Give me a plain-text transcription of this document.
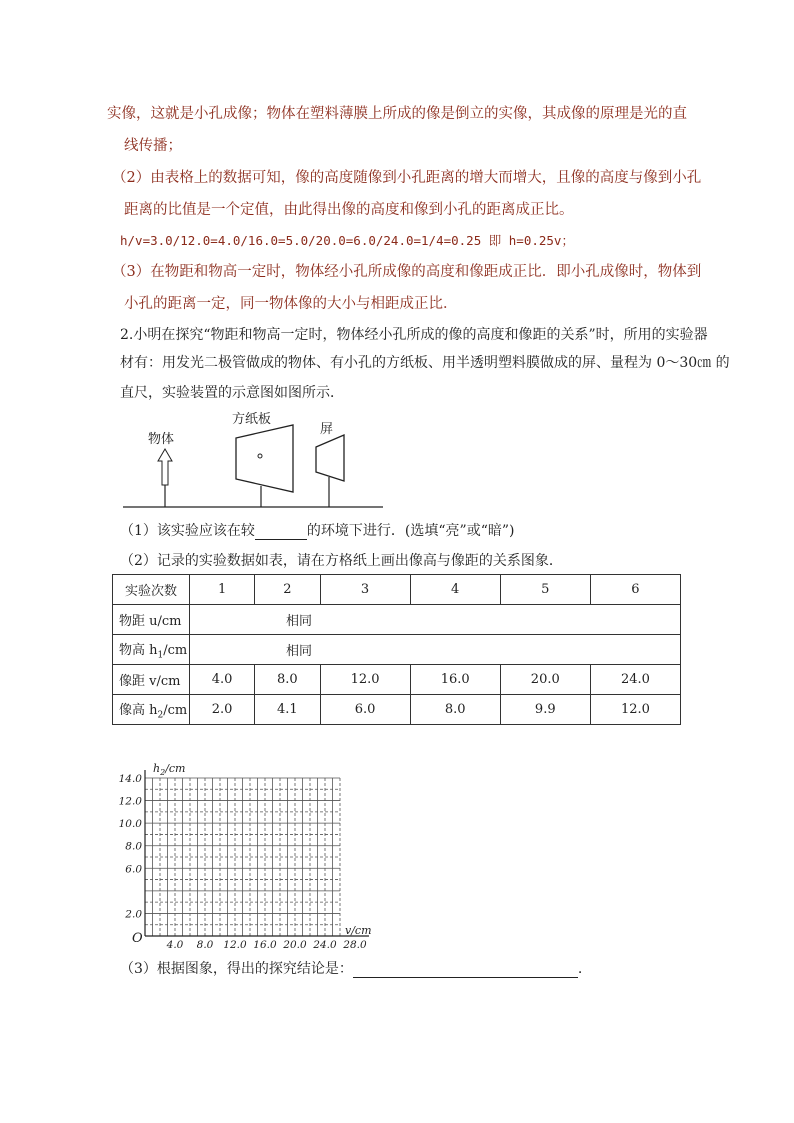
实像，这就是小孔成像；物体在塑料薄膜上所成的像是倒立的实像，其成像的原理是光的直
线传播；
（2）由表格上的数据可知，像的高度随像到小孔距离的增大而增大，且像的高度与像到小孔
距离的比值是一个定值，由此得出像的高度和像到小孔的距离成正比。
h/v=3.0/12.0=4.0/16.0=5.0/20.0=6.0/24.0=1/4=0.25 即 h=0.25v；
（3）在物距和物高一定时，物体经小孔所成像的高度和像距成正比．即小孔成像时，物体到
小孔的距离一定，同一物体像的大小与相距成正比．
2.小明在探究“物距和物高一定时，物体经小孔所成的像的高度和像距的关系”时，所用的实验器
材有：用发光二极管做成的物体、有小孔的方纸板、用半透明塑料膜做成的屏、量程为 0～30㎝ 的
直尺，实验装置的示意图如图所示．
物体
方纸板
屏
（1）该实验应该在较	的环境下进行．(选填“亮”或“暗”)
（2）记录的实验数据如表，请在方格纸上画出像高与像距的关系图象．
实验次数	1	2	3	4	5	6
物距 u/cm	相同					
物高 $h_1/cm$	相同					
像距 v/cm	4.0	8.0	12.0	16.0	20.0	24.0
像高 $h_2/cm$	2.0	4.1	6.0	8.0	9.9	12.0
4.0 8.0 12.0 16.0 20.0 24.0 28.0
2.0
6.0
8.0
10.0
12.0
14.0
$h_2/cm$
v/cm
O
（3）根据图象，得出的探究结论是：	.
